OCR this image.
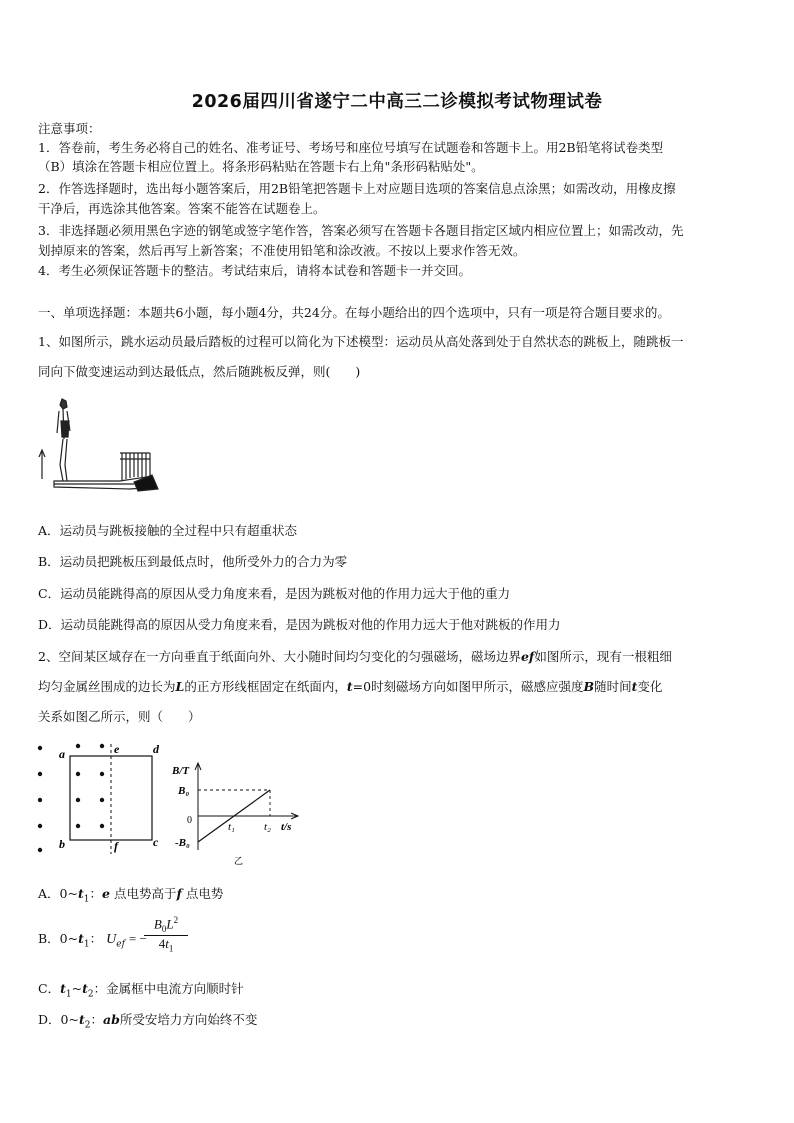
2026届四川省遂宁二中高三二诊模拟考试物理试卷
注意事项：
1．答卷前，考生务必将自己的姓名、准考证号、考场号和座位号填写在试题卷和答题卡上。用2B铅笔将试卷类型
（B）填涂在答题卡相应位置上。将条形码粘贴在答题卡右上角"条形码粘贴处"。
2．作答选择题时，选出每小题答案后，用2B铅笔把答题卡上对应题目选项的答案信息点涂黑；如需改动，用橡皮擦
干净后，再选涂其他答案。答案不能答在试题卷上。
3．非选择题必须用黑色字迹的钢笔或签字笔作答，答案必须写在答题卡各题目指定区域内相应位置上；如需改动，先
划掉原来的答案，然后再写上新答案；不准使用铅笔和涂改液。不按以上要求作答无效。
4．考生必须保证答题卡的整洁。考试结束后，请将本试卷和答题卡一并交回。
一、单项选择题：本题共6小题，每小题4分，共24分。在每小题给出的四个选项中，只有一项是符合题目要求的。
1、如图所示，跳水运动员最后踏板的过程可以简化为下述模型：运动员从高处落到处于自然状态的跳板上，随跳板一
同向下做变速运动到达最低点，然后随跳板反弹，则(　　)
A．运动员与跳板接触的全过程中只有超重状态
B．运动员把跳板压到最低点时，他所受外力的合力为零
C．运动员能跳得高的原因从受力角度来看，是因为跳板对他的作用力远大于他的重力
D．运动员能跳得高的原因从受力角度来看，是因为跳板对他的作用力远大于他对跳板的作用力
2、空间某区域存在一方向垂直于纸面向外、大小随时间均匀变化的匀强磁场，磁场边界ef如图所示，现有一根粗细
均匀金属丝围成的边长为L的正方形线框固定在纸面内，t=0时刻磁场方向如图甲所示，磁感应强度B随时间t变化
关系如图乙所示，则（　　）
a	e	d
b	f	c
B/T
t/s
B₀
-B₀
0
t₁	t₂
乙
A．$0\sim t_1$：e 点电势高于f 点电势
B．$0\sim t_1$： $U_{ef}$ = −
$B_0L^2$
$4t_1$
C．$t_1\sim t_2$：金属框中电流方向顺时针
D．$0\sim t_2$：ab所受安培力方向始终不变
